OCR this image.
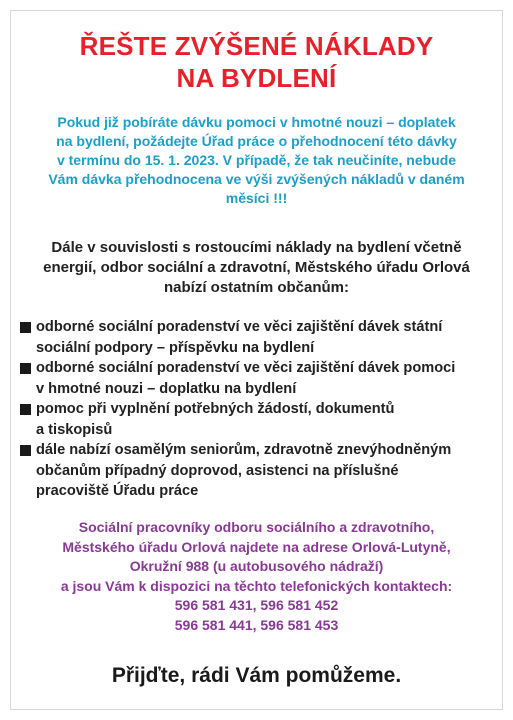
ŘEŠTE ZVÝŠENÉ NÁKLADY
NA BYDLENÍ
Pokud již pobíráte dávku pomoci v hmotné nouzi – doplatek
na bydlení, požádejte Úřad práce o přehodnocení této dávky
v termínu do 15. 1. 2023. V případě, že tak neučiníte, nebude
Vám dávka přehodnocena ve výši zvýšených nákladů v daném
měsíci !!!
Dále v souvislosti s rostoucími náklady na bydlení včetně
energií, odbor sociální a zdravotní, Městského úřadu Orlová
nabízí ostatním občanům:
odborné sociální poradenství ve věci zajištění dávek státní
sociální podpory – příspěvku na bydlení
odborné sociální poradenství ve věci zajištění dávek pomoci
v hmotné nouzi – doplatku na bydlení
pomoc při vyplnění potřebných žádostí, dokumentů
a tiskopisů
dále nabízí osamělým seniorům, zdravotně znevýhodněným
občanům případný doprovod, asistenci na příslušné
pracoviště Úřadu práce
Sociální pracovníky odboru sociálního a zdravotního,
Městského úřadu Orlová najdete na adrese Orlová-Lutyně,
Okružní 988 (u autobusového nádraží)
a jsou Vám k dispozici na těchto telefonických kontaktech:
596 581 431, 596 581 452
596 581 441, 596 581 453
Přijďte, rádi Vám pomůžeme.
